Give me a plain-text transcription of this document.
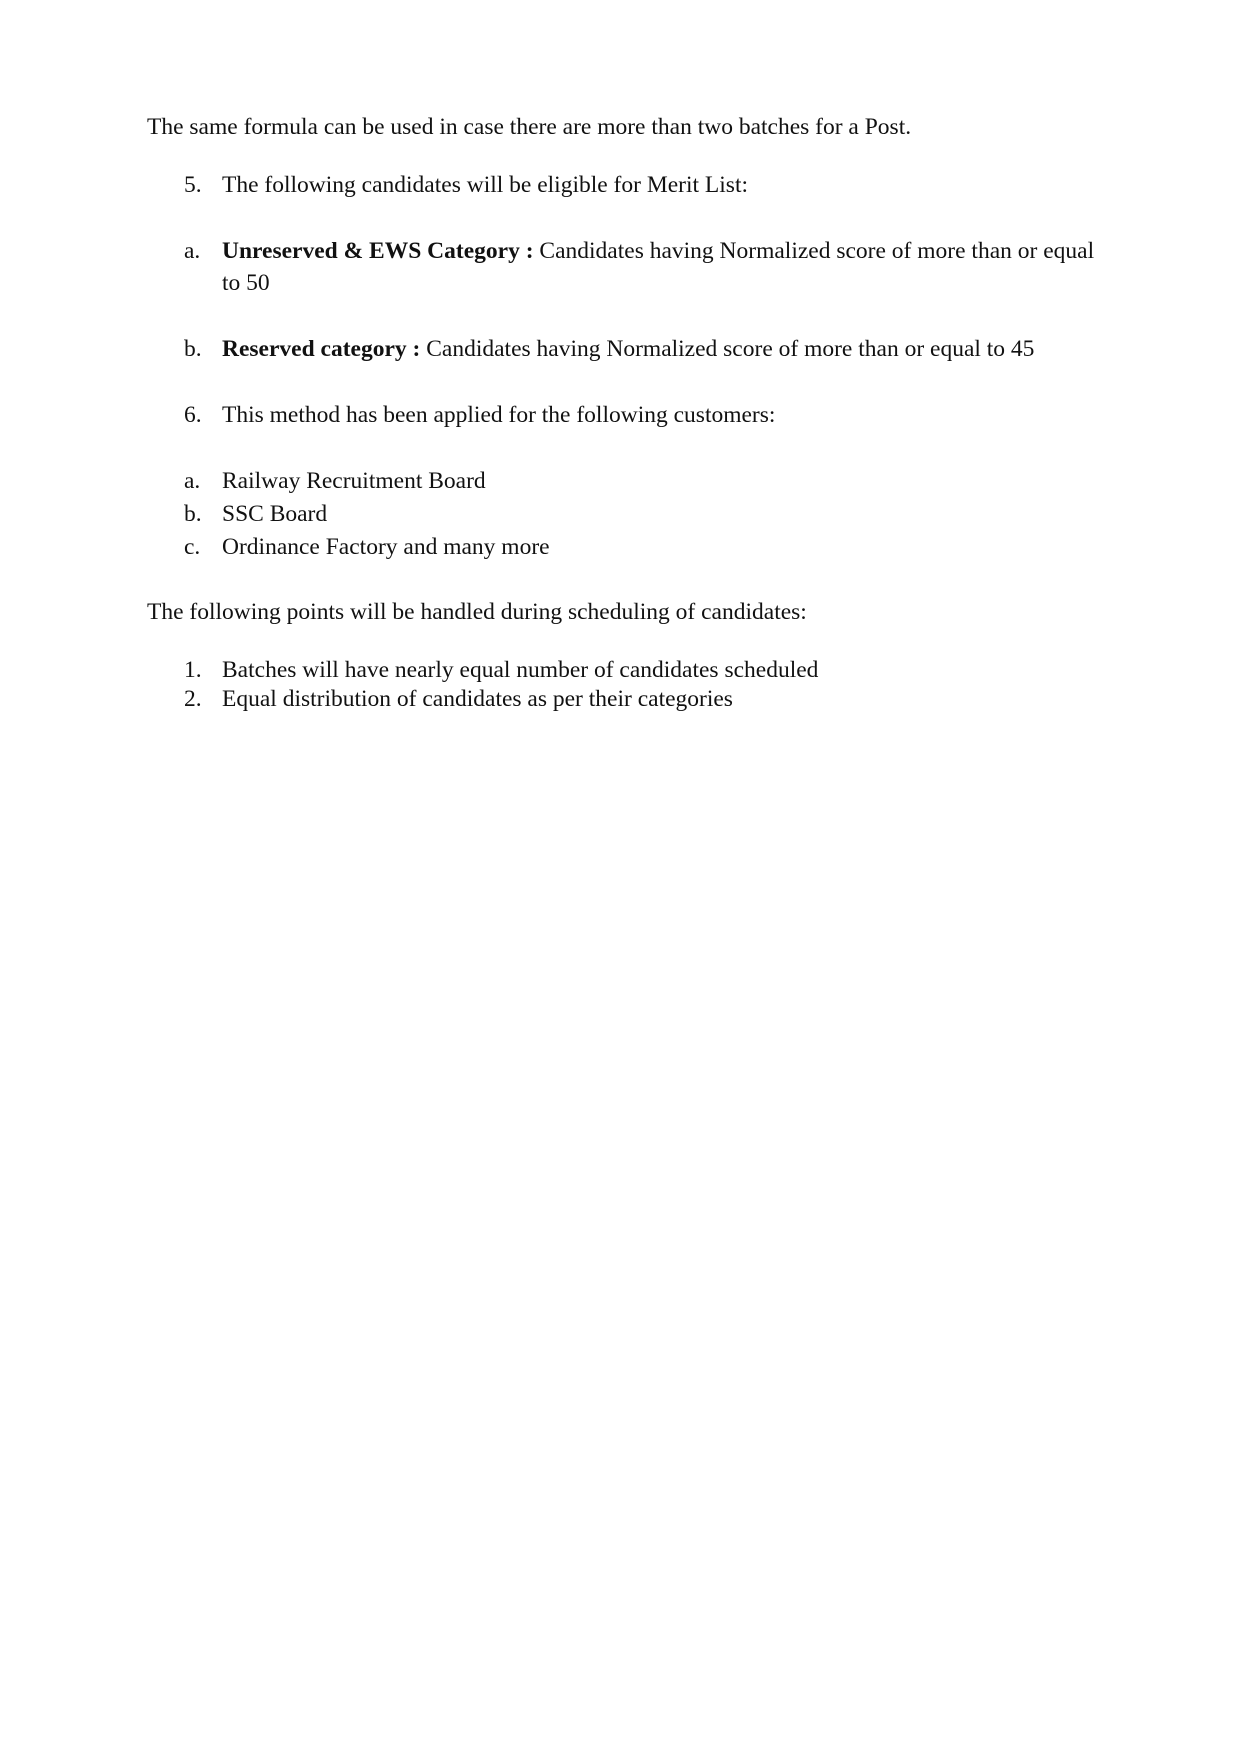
The same formula can be used in case there are more than two batches for a Post.
5. The following candidates will be eligible for Merit List:
a. Unreserved & EWS Category : Candidates having Normalized score of more than or equal
to 50
b. Reserved category : Candidates having Normalized score of more than or equal to 45
6. This method has been applied for the following customers:
a. Railway Recruitment Board
b. SSC Board
c. Ordinance Factory and many more
The following points will be handled during scheduling of candidates:
1. Batches will have nearly equal number of candidates scheduled
2. Equal distribution of candidates as per their categories
